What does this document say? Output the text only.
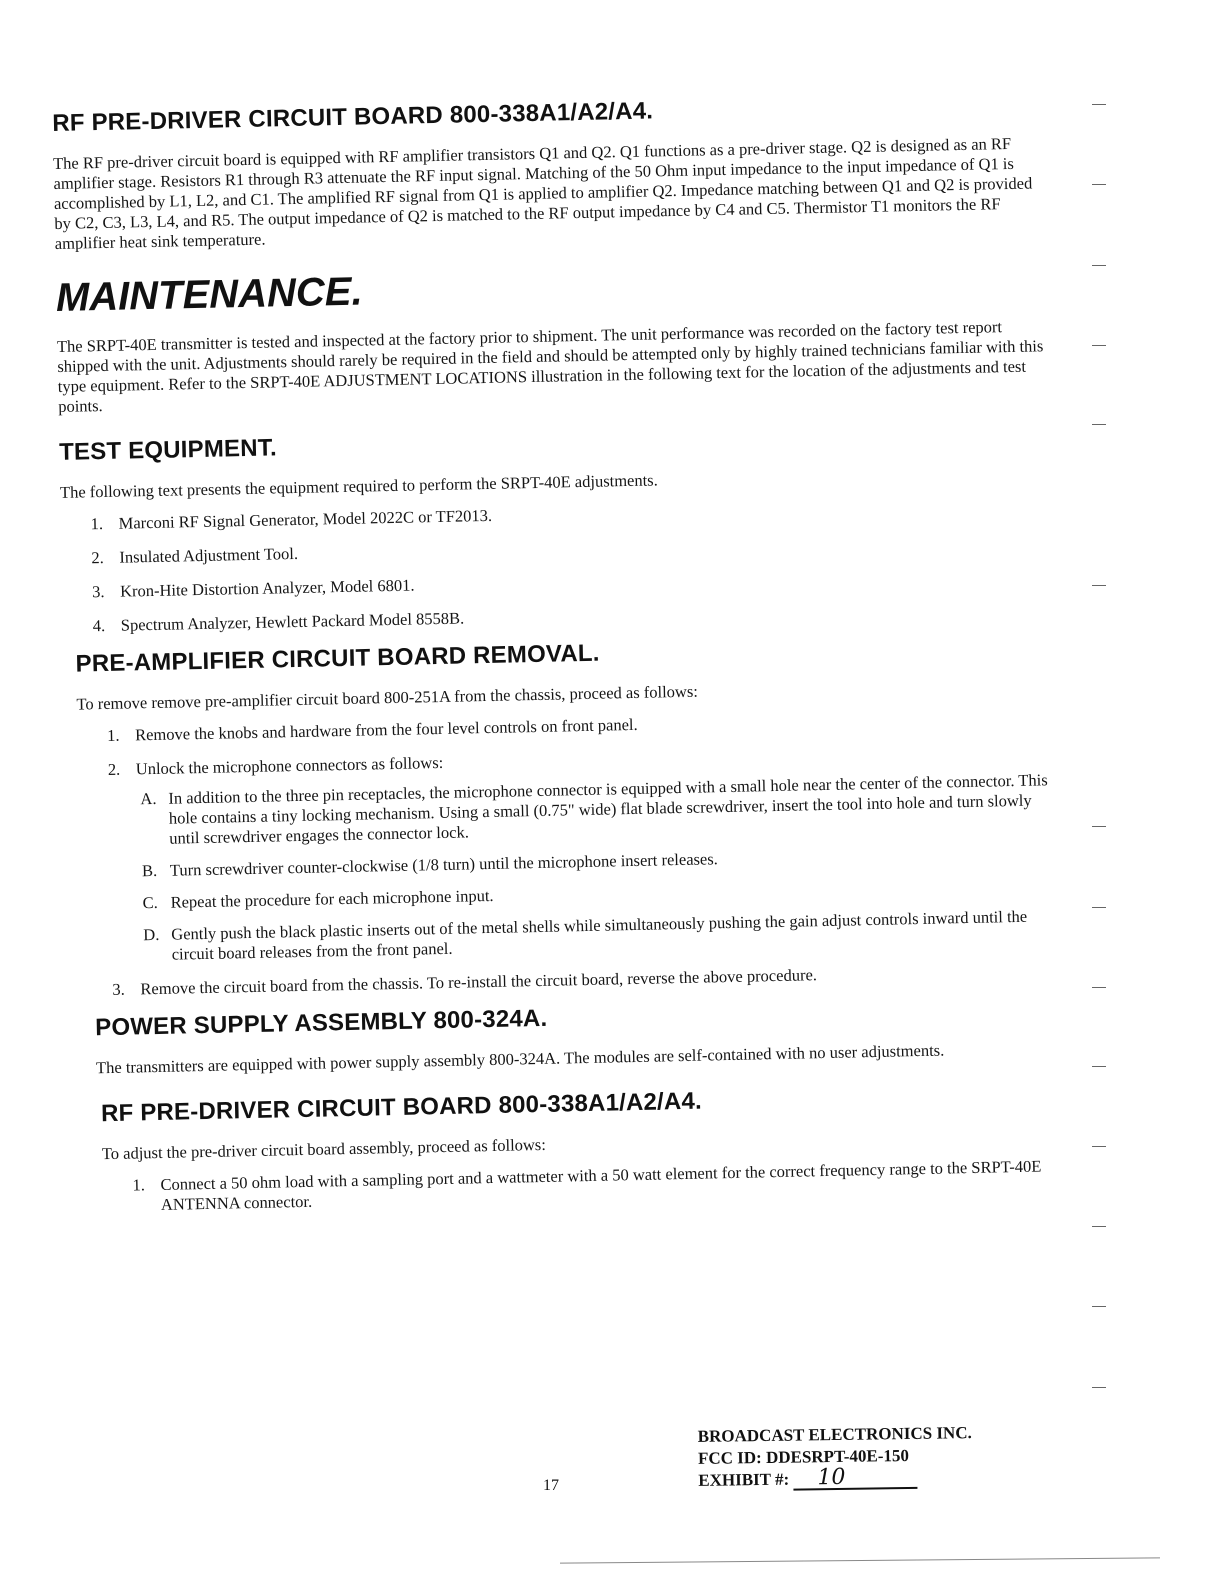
RF PRE-DRIVER CIRCUIT BOARD 800-338A1/A2/A4.

The RF pre-driver circuit board is equipped with RF amplifier transistors Q1 and Q2. Q1 functions as a pre-driver stage. Q2 is designed as an RF amplifier stage. Resistors R1 through R3 attenuate the RF input signal. Matching of the 50 Ohm input impedance to the input impedance of Q1 is accomplished by L1, L2, and C1. The amplified RF signal from Q1 is applied to amplifier Q2. Impedance matching between Q1 and Q2 is provided by C2, C3, L3, L4, and R5. The output impedance of Q2 is matched to the RF output impedance by C4 and C5. Thermistor T1 monitors the RF amplifier heat sink temperature.

MAINTENANCE.

The SRPT-40E transmitter is tested and inspected at the factory prior to shipment. The unit performance was recorded on the factory test report shipped with the unit. Adjustments should rarely be required in the field and should be attempted only by highly trained technicians familiar with this type equipment. Refer to the SRPT-40E ADJUSTMENT LOCATIONS illustration in the following text for the location of the adjustments and test points.

TEST EQUIPMENT.

The following text presents the equipment required to perform the SRPT-40E adjustments.

1. Marconi RF Signal Generator, Model 2022C or TF2013.
2. Insulated Adjustment Tool.
3. Kron-Hite Distortion Analyzer, Model 6801.
4. Spectrum Analyzer, Hewlett Packard Model 8558B.
PRE-AMPLIFIER CIRCUIT BOARD REMOVAL.

To remove remove pre-amplifier circuit board 800-251A from the chassis, proceed as follows:

1. Remove the knobs and hardware from the four level controls on front panel.
2. Unlock the microphone connectors as follows:
A. In addition to the three pin receptacles, the microphone connector is equipped with a small hole near the center of the connector. This hole contains a tiny locking mechanism. Using a small (0.75" wide) flat blade screwdriver, insert the tool into hole and turn slowly until screwdriver engages the connector lock.
B. Turn screwdriver counter-clockwise (1/8 turn) until the microphone insert releases.
C. Repeat the procedure for each microphone input.
D. Gently push the black plastic inserts out of the metal shells while simultaneously pushing the gain adjust controls inward until the circuit board releases from the front panel.
3. Remove the circuit board from the chassis. To re-install the circuit board, reverse the above procedure.
POWER SUPPLY ASSEMBLY 800-324A.

The transmitters are equipped with power supply assembly 800-324A. The modules are self-contained with no user adjustments.

RF PRE-DRIVER CIRCUIT BOARD 800-338A1/A2/A4.

To adjust the pre-driver circuit board assembly, proceed as follows:

1. Connect a 50 ohm load with a sampling port and a wattmeter with a 50 watt element for the correct frequency range to the SRPT-40E ANTENNA connector.
17
BROADCAST ELECTRONICS INC.
FCC ID: DDESRPT-40E-150
EXHIBIT #: 10
